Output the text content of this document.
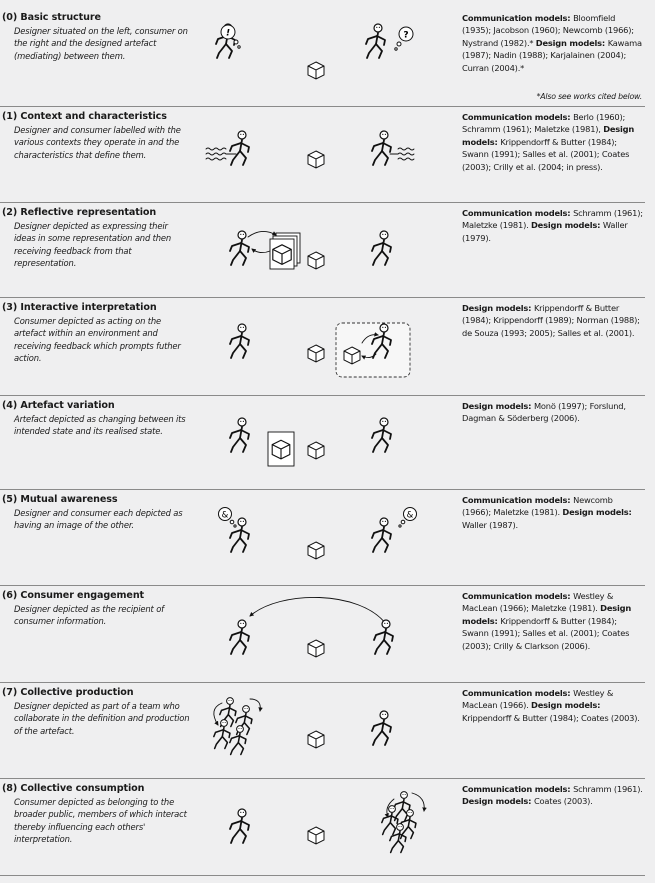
(0) Basic structure
Designer situated on the left, consumer on the right and the designed artefact (mediating) between them.
Communication models: Bloomfield (1935); Jacobson (1960); Newcomb (1966); Nystrand (1982).* Design models: Kawama (1987); Nadin (1988); Karjalainen (2004); Curran (2004).*
*Also see works cited below.
!	?
(1) Context and characteristics
Designer and consumer labelled with the various contexts they operate in and the characteristics that define them.
Communication models: Berlo (1960); Schramm (1961); Maletzke (1981), Design models: Krippendorff & Butter (1984); Swann (1991); Salles et al. (2001); Coates (2003); Crilly et al. (2004; in press).
(2) Reflective representation
Designer depicted as expressing their ideas in some representation and then receiving feedback from that representation.
Communication models: Schramm (1961); Maletzke (1981). Design models: Waller (1979).
(3) Interactive interpretation
Consumer depicted as acting on the artefact within an environment and receiving feedback which prompts futher action.
Design models: Krippendorff & Butter (1984); Krippendorff (1989); Norman (1988); de Souza (1993; 2005); Salles et al. (2001).
(4) Artefact variation
Artefact depicted as changing between its intended state and its realised state.
Design models: Monö (1997); Forslund, Dagman & Söderberg (2006).
(5) Mutual awareness
Designer and consumer each depicted as having an image of the other.
Communication models: Newcomb (1966); Maletzke (1981). Design models: Waller (1987).
&	&
(6) Consumer engagement
Designer depicted as the recipient of consumer information.
Communication models: Westley & MacLean (1966); Maletzke (1981). Design models: Krippendorff & Butter (1984); Swann (1991); Salles et al. (2001); Coates (2003); Crilly & Clarkson (2006).
(7) Collective production
Designer depicted as part of a team who collaborate in the definition and production of the artefact.
Communication models: Westley & MacLean (1966). Design models: Krippendorff & Butter (1984); Coates (2003).
(8) Collective consumption
Consumer depicted as belonging to the broader public, members of which interact thereby influencing each others' interpretation.
Communication models: Schramm (1961). Design models: Coates (2003).
